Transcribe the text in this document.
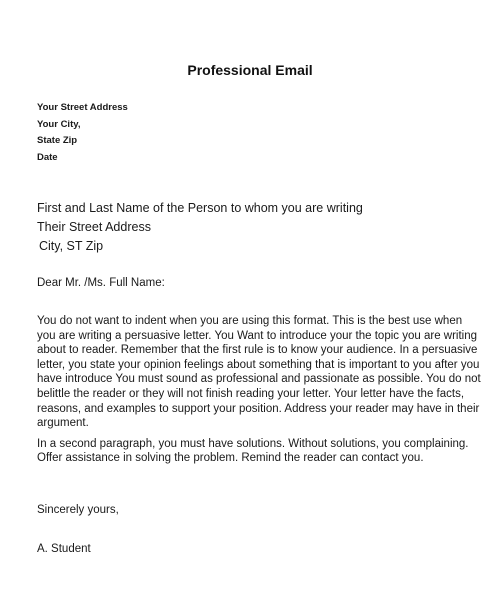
Professional Email
Your Street Address
Your City,
State Zip
Date
First and Last Name of the Person to whom you are writing
Their Street Address
City, ST Zip
Dear Mr. /Ms. Full Name:

You do not want to indent when you are using this format. This is the best use when you are writing a persuasive letter. You Want to introduce your the topic you are writing about to reader. Remember that the first rule is to know your audience. In a persuasive letter, you state your opinion feelings about something that is important to you after you have introduce You must sound as professional and passionate as possible. You do not belittle the reader or they will not finish reading your letter. Your letter have the facts, reasons, and examples to support your position. Address your reader may have in their argument.

In a second paragraph, you must have solutions. Without solutions, you complaining. Offer assistance in solving the problem. Remind the reader can contact you.

Sincerely yours,
A. Student
